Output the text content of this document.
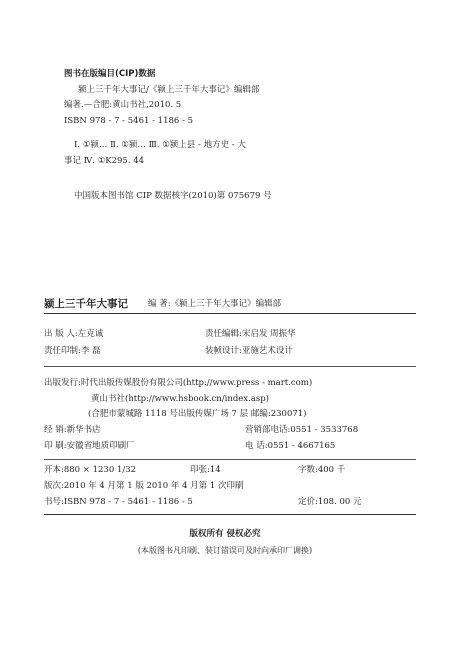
图书在版编目(CIP)数据
颍上三千年大事记/《颍上三千年大事记》编辑部
编著.—合肥:黄山书社,2010. 5
ISBN 978 - 7 - 5461 - 1186 - 5
Ⅰ. ①颍… Ⅱ. ①颍… Ⅲ. ①颍上县 - 地方史 - 大
事记 Ⅳ. ①K295. 44
中国版本图书馆 CIP 数据核字(2010)第 075679 号
颍上三千年大事记 编 著:《颍上三千年大事记》编辑部
出 版 人:左克诚	责任编辑:宋启发 周振华
责任印制:李 磊	装帧设计:亚施艺术设计
出版发行:时代出版传媒股份有限公司(http://www.press - mart.com)
黄山书社(http://www.hsbook.cn/index.asp)
(合肥市蒙城路 1118 号出版传媒广场 7 层 邮编:230071)
经 销:新华书店	营销部电话:0551 - 3533768
印 刷:安徽省地质印刷厂	电 话:0551 - 4667165
开本:880 × 1230 1/32	印张:14	字数:400 千
版次:2010 年 4 月第 1 版 2010 年 4 月第 1 次印刷
书号:ISBN 978 - 7 - 5461 - 1186 - 5	定价:108. 00 元
版权所有 侵权必究
(本版图书凡印刷、装订错误可及时向承印厂调换)
